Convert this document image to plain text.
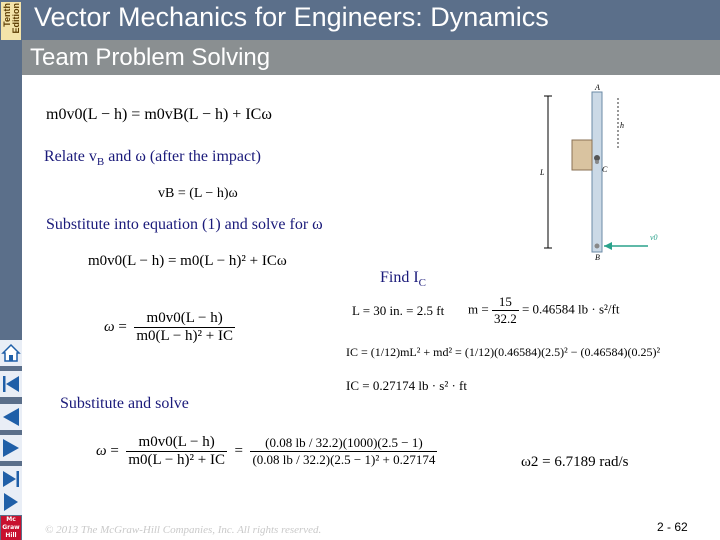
Tenth Edition
Mc Graw Hill
Vector Mechanics for Engineers: Dynamics
Team Problem Solving
m0v0(L − h) = m0vB(L − h) + ICω
Relate $v_B$ and ω (after the impact)
vB = (L − h)ω
Substitute into equation (1) and solve for ω
m0v0(L − h) = m0(L − h)² + ICω
Find $I_C$
$\omega = \frac{m0v0(L - h)}{\text{m0(L − h)² + IC}}$	L = 30 in. = 2.5 ft $m = \frac{15}{32.2} = 0.46584$ lb · s²/ft
IC = (1/12)mL² + md² = (1/12)(0.46584)(2.5)² − (0.46584)(0.25)²
IC = 0.27174 lb · s² · ft
Substitute and solve
$\omega = \frac{m0v0(L - h)}{\text{m0(L − h)² + IC}} = \frac{(0.08 lb / 32.2)(1000)(2.5 - 1)}{\text{(0.08 lb / 32.2)(2.5 − 1)² + 0.27174}}$	ω2 = 6.7189 rad/s
A
B
C
h
L
v0
© 2013 The McGraw-Hill Companies, Inc. All rights reserved.	2 - 62
